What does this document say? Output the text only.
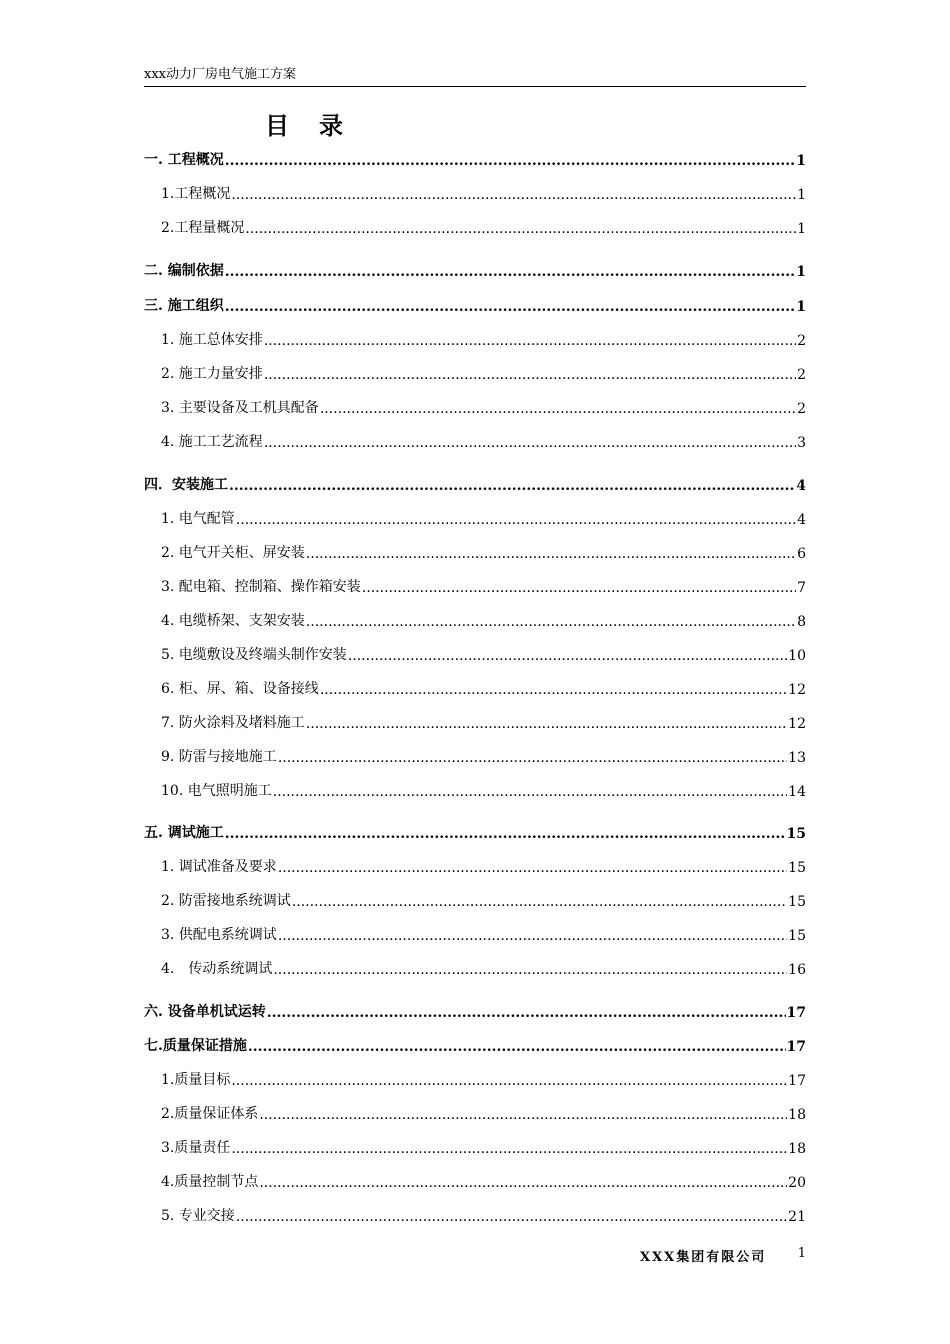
xxx动力厂房电气施工方案
目录
一. 工程概况 .....	1
1.工程概况 .....	1
2.工程量概况 .....	1
二. 编制依据 .....	1
三. 施工组织 .....	1
1. 施工总体安排 .....	2
2. 施工力量安排 .....	2
3. 主要设备及工机具配备 .....	2
4. 施工工艺流程 .....	3
四．安装施工 .....	4
1. 电气配管 .....	4
2. 电气开关柜、屏安装 .....	6
3. 配电箱、控制箱、操作箱安装 .....	7
4. 电缆桥架、支架安装 .....	8
5. 电缆敷设及终端头制作安装 .....	10
6. 柜、屏、箱、设备接线 .....	12
7. 防火涂料及堵料施工 .....	12
9. 防雷与接地施工 .....	13
10. 电气照明施工 .....	14
五. 调试施工 .....	15
1. 调试准备及要求 .....	15
2. 防雷接地系统调试 .....	15
3. 供配电系统调试 .....	15
4.　传动系统调试 .....	16
六. 设备单机试运转 .....	17
七.质量保证措施 .....	17
1.质量目标 .....	17
2.质量保证体系 .....	18
3.质量责任 .....	18
4.质量控制节点 .....	20
5. 专业交接 .....	21
XXX集团有限公司 1
